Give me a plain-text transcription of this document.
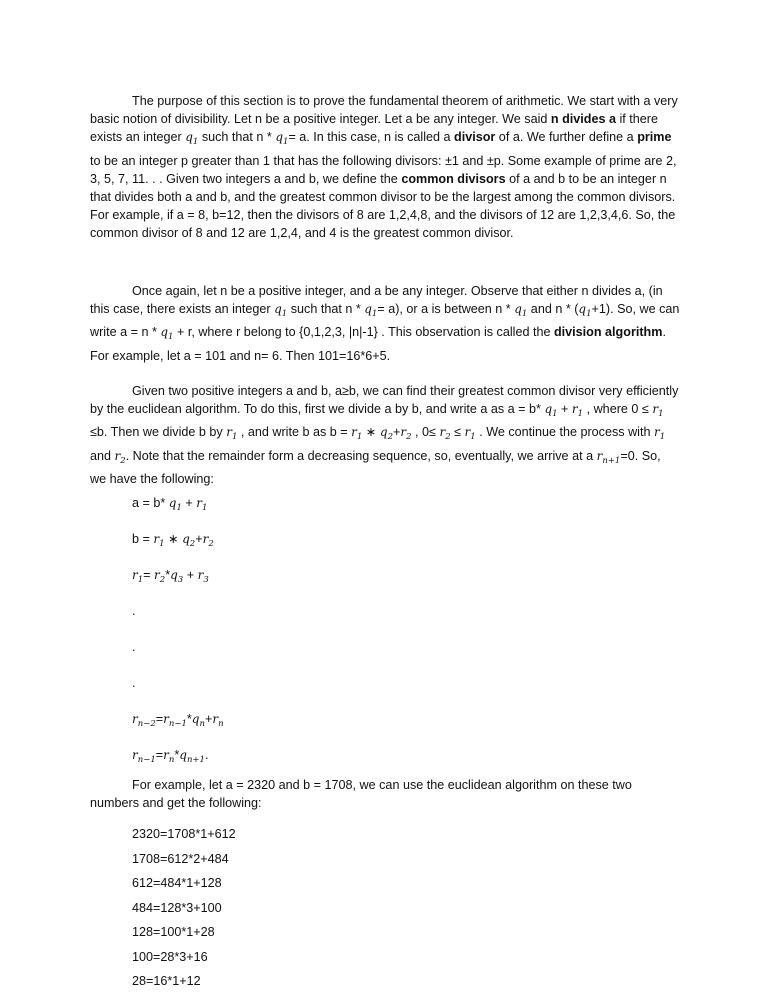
The purpose of this section is to prove the fundamental theorem of arithmetic. We start with a very basic notion of divisibility. Let n be a positive integer. Let a be any integer. We said n divides a if there exists an integer $q_1$ such that $n * q_1= a$. In this case, n is called a divisor of a. We further define a prime to be an integer p greater than 1 that has the following divisors: ±1 and ±p. Some example of prime are 2, 3, 5, 7, 11. . . Given two integers a and b, we define the common divisors of a and b to be an integer n that divides both a and b, and the greatest common divisor to be the largest among the common divisors. For example, if a = 8, b=12, then the divisors of 8 are 1,2,4,8, and the divisors of 12 are 1,2,3,4,6. So, the common divisor of 8 and 12 are 1,2,4, and 4 is the greatest common divisor.

Once again, let n be a positive integer, and a be any integer. Observe that either n divides a, (in this case, there exists an integer $q_1$ such that $n * q_1= a$), or a is between n * $q_1$ and $n * (q_1+1)$. So, we can write $a = n * q_1 + r$, where r belong to {0,1,2,3, |n|-1} . This observation is called the division algorithm. For example, let a = 101 and n= 6. Then 101=16*6+5.

Given two positive integers a and b, a≥b, we can find their greatest common divisor very efficiently by the euclidean algorithm. To do this, first we divide a by b, and write a as a = b* $q_1 + r_1$ , where $0 \le r_1 \le b$. Then we divide b by $r_1$ , and write b as $b = r_1$ ∗ $q_2+r_2$ , $0\le r_2 \le r_1$ . We continue the process with $r_1$ and $r_2$. Note that the remainder form a decreasing sequence, so, eventually, we arrive at a $r_{n+1}=0$. So, we have the following:

a = b* $q_1 + r_1$

$b = r_1$ ∗ $q_2+r_2$

$r_1= r_2*q_3 + r_3$

.

.

.

$r_{n-2}=r_{n-1}*q_n+r_n$

$r_{n-1}=r_n*q_{n+1}$.

For example, let a = 2320 and b = 1708, we can use the euclidean algorithm on these two numbers and get the following:

2320=1708*1+612

1708=612*2+484

612=484*1+128

484=128*3+100

128=100*1+28

100=28*3+16

28=16*1+12
